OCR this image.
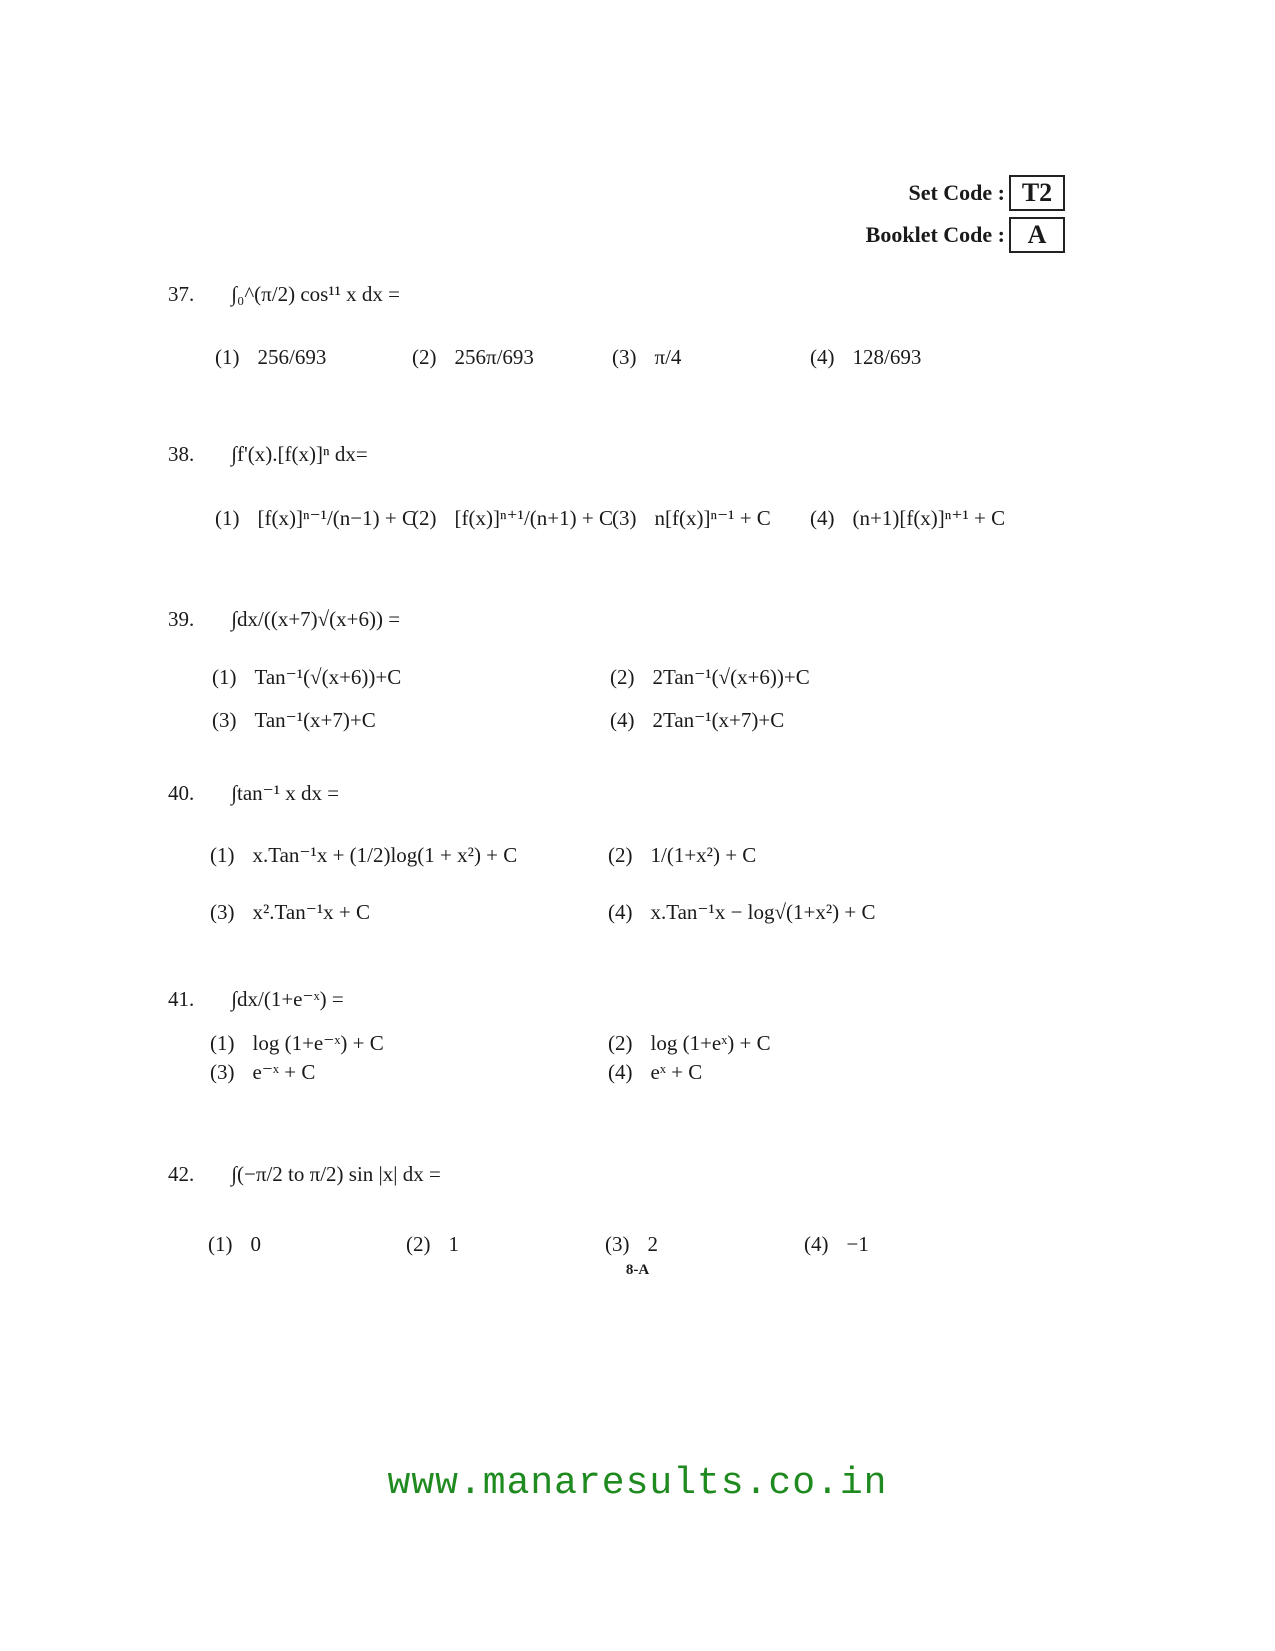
Set Code : T2
Booklet Code : A
37. ∫₀^(π/2) cos¹¹ x dx =
(1) 256/693	(2) 256π/693	(3) π/4	(4) 128/693
38. ∫f'(x).[f(x)]ⁿ dx=
(1) [f(x)]ⁿ⁻¹/(n−1) + C
(2) [f(x)]ⁿ⁺¹/(n+1) + C (3) n[f(x)]ⁿ⁻¹ + C (4) (n+1)[f(x)]ⁿ⁺¹ + C
39. ∫dx/((x+7)√(x+6)) =
(1) Tan⁻¹(√(x+6))+C	(2) 2Tan⁻¹(√(x+6))+C
(3) Tan⁻¹(x+7)+C	(4) 2Tan⁻¹(x+7)+C
40. ∫tan⁻¹ x dx =
(1) x.Tan⁻¹x + (1/2)log(1 + x²) + C	(2) 1/(1+x²) + C
(3) x².Tan⁻¹x + C	(4) x.Tan⁻¹x − log√(1+x²) + C
41. ∫dx/(1+e⁻ˣ) =
(1) log (1+e⁻ˣ) + C	(2) log (1+eˣ) + C
(3) e⁻ˣ + C	(4) eˣ + C
42. ∫(−π/2 to π/2) sin |x| dx =
(1) 0	(2) 1	(3) 2	(4) −1
8-A
www.manaresults.co.in
